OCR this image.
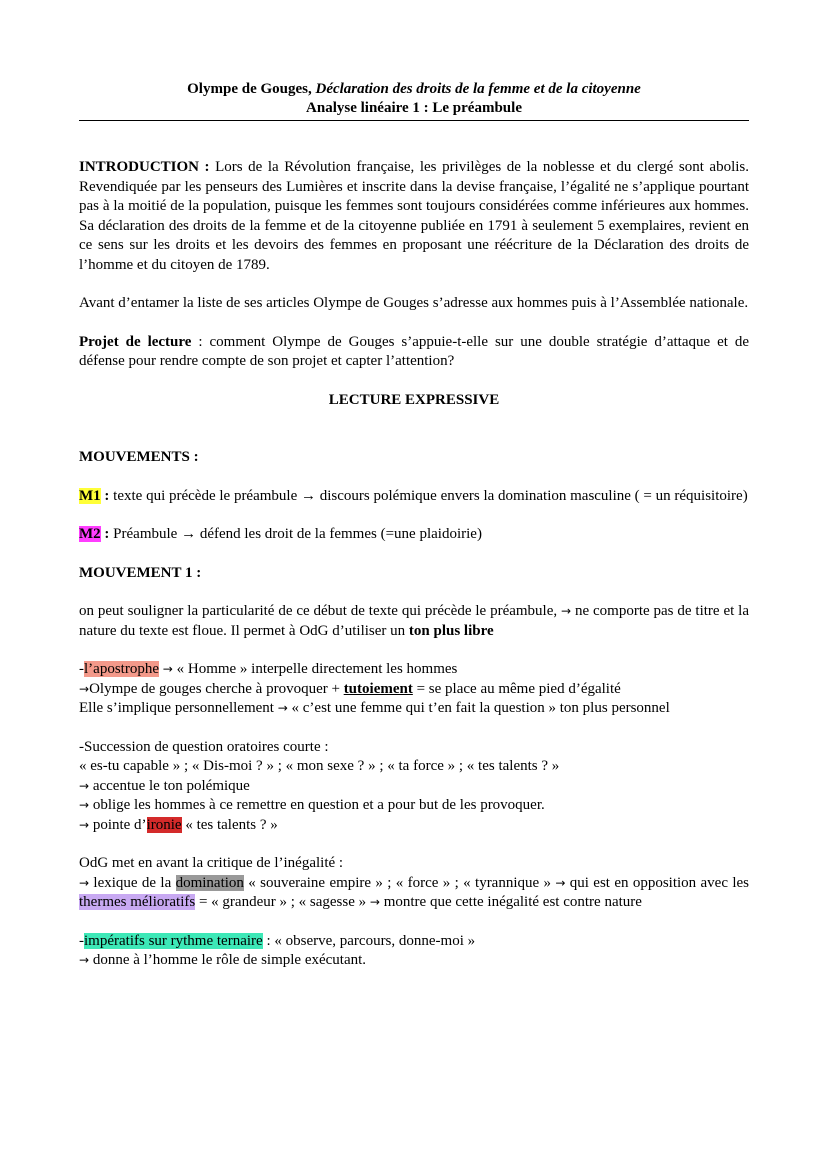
Olympe de Gouges, Déclaration des droits de la femme et de la citoyenne
Analyse linéaire 1 : Le préambule

INTRODUCTION : Lors de la Révolution française, les privilèges de la noblesse et du clergé sont abolis. Revendiquée par les penseurs des Lumières et inscrite dans la devise française, l’égalité ne s’applique pourtant pas à la moitié de la population, puisque les femmes sont toujours considérées comme inférieures aux hommes. Sa déclaration des droits de la femme et de la citoyenne publiée en 1791 à seulement 5 exemplaires, revient en ce sens sur les droits et les devoirs des femmes en proposant une réécriture de la Déclaration des droits de l’homme et du citoyen de 1789.

Avant d’entamer la liste de ses articles Olympe de Gouges s’adresse aux hommes puis à l’Assemblée nationale.

Projet de lecture : comment Olympe de Gouges s’appuie-t-elle sur une double stratégie d’attaque et de défense pour rendre compte de son projet et capter l’attention?

LECTURE EXPRESSIVE

MOUVEMENTS :

M1 : texte qui précède le préambule → discours polémique envers la domination masculine ( = un réquisitoire)

M2 : Préambule → défend les droit de la femmes (=une plaidoirie)

MOUVEMENT 1 :

on peut souligner la particularité de ce début de texte qui précède le préambule, → ne comporte pas de titre et la nature du texte est floue. Il permet à OdG d’utiliser un ton plus libre

-l’apostrophe → « Homme » interpelle directement les hommes

→Olympe de gouges cherche à provoquer + tutoiement = se place au même pied d’égalité

Elle s’implique personnellement → « c’est une femme qui t’en fait la question » ton plus personnel

-Succession de question oratoires courte :

« es-tu capable » ; « Dis-moi ? » ; « mon sexe ? » ; « ta force » ; « tes talents ? »

→ accentue le ton polémique

→ oblige les hommes à ce remettre en question et a pour but de les provoquer.

→ pointe d’ironie « tes talents ? »

OdG met en avant la critique de l’inégalité :

→ lexique de la domination « souveraine empire » ; « force » ; « tyrannique » → qui est en opposition avec les thermes mélioratifs = « grandeur » ; « sagesse » → montre que cette inégalité est contre nature

-impératifs sur rythme ternaire : « observe, parcours, donne-moi »

→ donne à l’homme le rôle de simple exécutant.
